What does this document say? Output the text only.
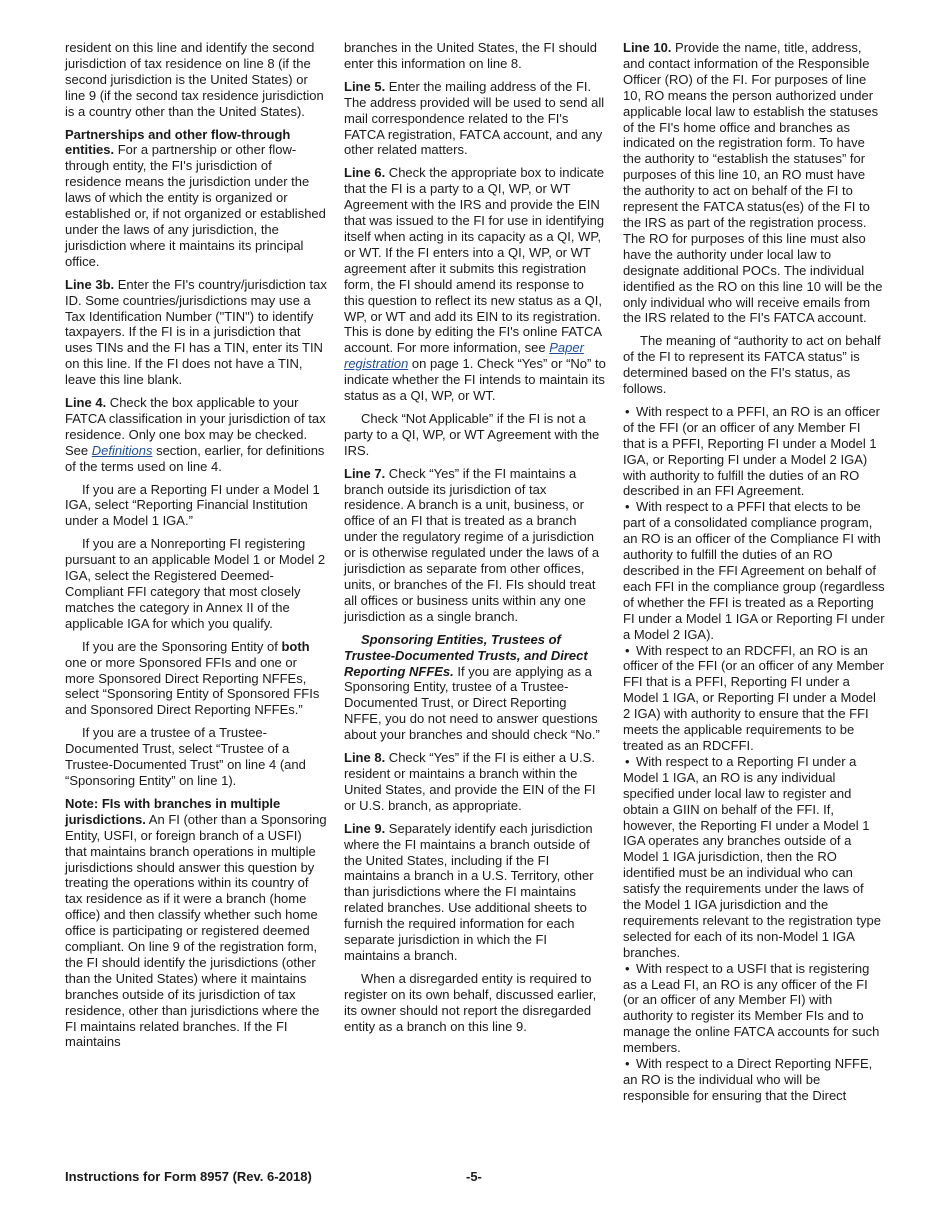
resident on this line and identify the second jurisdiction of tax residence on line 8 (if the second jurisdiction is the United States) or line 9 (if the second tax residence jurisdiction is a country other than the United States).

Partnerships and other flow-through entities. For a partnership or other flow-through entity, the FI's jurisdiction of residence means the jurisdiction under the laws of which the entity is organized or established or, if not organized or established under the laws of any jurisdiction, the jurisdiction where it maintains its principal office.

Line 3b. Enter the FI's country/jurisdiction tax ID. Some countries/jurisdictions may use a Tax Identification Number ("TIN") to identify taxpayers. If the FI is in a jurisdiction that uses TINs and the FI has a TIN, enter its TIN on this line. If the FI does not have a TIN, leave this line blank.

Line 4. Check the box applicable to your FATCA classification in your jurisdiction of tax residence. Only one box may be checked. See Definitions section, earlier, for definitions of the terms used on line 4.

If you are a Reporting FI under a Model 1 IGA, select “Reporting Financial Institution under a Model 1 IGA.”

If you are a Nonreporting FI registering pursuant to an applicable Model 1 or Model 2 IGA, select the Registered Deemed-Compliant FFI category that most closely matches the category in Annex II of the applicable IGA for which you qualify.

If you are the Sponsoring Entity of both one or more Sponsored FFIs and one or more Sponsored Direct Reporting NFFEs, select “Sponsoring Entity of Sponsored FFIs and Sponsored Direct Reporting NFFEs.”

If you are a trustee of a Trustee-Documented Trust, select “Trustee of a Trustee-Documented Trust” on line 4 (and “Sponsoring Entity” on line 1).

Note: FIs with branches in multiple jurisdictions. An FI (other than a Sponsoring Entity, USFI, or foreign branch of a USFI) that maintains branch operations in multiple jurisdictions should answer this question by treating the operations within its country of tax residence as if it were a branch (home office) and then classify whether such home office is participating or registered deemed compliant. On line 9 of the registration form, the FI should identify the jurisdictions (other than the United States) where it maintains branches outside of its jurisdiction of tax residence, other than jurisdictions where the FI maintains related branches. If the FI maintains

branches in the United States, the FI should enter this information on line 8.

Line 5. Enter the mailing address of the FI. The address provided will be used to send all mail correspondence related to the FI's FATCA registration, FATCA account, and any other related matters.

Line 6. Check the appropriate box to indicate that the FI is a party to a QI, WP, or WT Agreement with the IRS and provide the EIN that was issued to the FI for use in identifying itself when acting in its capacity as a QI, WP, or WT. If the FI enters into a QI, WP, or WT agreement after it submits this registration form, the FI should amend its response to this question to reflect its new status as a QI, WP, or WT and add its EIN to its registration. This is done by editing the FI's online FATCA account. For more information, see Paper registration on page 1. Check “Yes” or “No” to indicate whether the FI intends to maintain its status as a QI, WP, or WT.

Check “Not Applicable” if the FI is not a party to a QI, WP, or WT Agreement with the IRS.

Line 7. Check “Yes” if the FI maintains a branch outside its jurisdiction of tax residence. A branch is a unit, business, or office of an FI that is treated as a branch under the regulatory regime of a jurisdiction or is otherwise regulated under the laws of a jurisdiction as separate from other offices, units, or branches of the FI. FIs should treat all offices or business units within any one jurisdiction as a single branch.

Sponsoring Entities, Trustees of Trustee-Documented Trusts, and Direct Reporting NFFEs. If you are applying as a Sponsoring Entity, trustee of a Trustee-Documented Trust, or Direct Reporting NFFE, you do not need to answer questions about your branches and should check “No.”

Line 8. Check “Yes” if the FI is either a U.S. resident or maintains a branch within the United States, and provide the EIN of the FI or U.S. branch, as appropriate.

Line 9. Separately identify each jurisdiction where the FI maintains a branch outside of the United States, including if the FI maintains a branch in a U.S. Territory, other than jurisdictions where the FI maintains related branches. Use additional sheets to furnish the required information for each separate jurisdiction in which the FI maintains a branch.

When a disregarded entity is required to register on its own behalf, discussed earlier, its owner should not report the disregarded entity as a branch on this line 9.

Line 10. Provide the name, title, address, and contact information of the Responsible Officer (RO) of the FI. For purposes of line 10, RO means the person authorized under applicable local law to establish the statuses of the FI's home office and branches as indicated on the registration form. To have the authority to “establish the statuses” for purposes of this line 10, an RO must have the authority to act on behalf of the FI to represent the FATCA status(es) of the FI to the IRS as part of the registration process. The RO for purposes of this line must also have the authority under local law to designate additional POCs. The individual identified as the RO on this line 10 will be the only individual who will receive emails from the IRS related to the FI's FATCA account.

The meaning of “authority to act on behalf of the FI to represent its FATCA status” is determined based on the FI's status, as follows.

• With respect to a PFFI, an RO is an officer of the FFI (or an officer of any Member FI that is a PFFI, Reporting FI under a Model 1 IGA, or Reporting FI under a Model 2 IGA) with authority to fulfill the duties of an RO described in an FFI Agreement.

• With respect to a PFFI that elects to be part of a consolidated compliance program, an RO is an officer of the Compliance FI with authority to fulfill the duties of an RO described in the FFI Agreement on behalf of each FFI in the compliance group (regardless of whether the FFI is treated as a Reporting FI under a Model 1 IGA or Reporting FI under a Model 2 IGA).

• With respect to an RDCFFI, an RO is an officer of the FFI (or an officer of any Member FFI that is a PFFI, Reporting FI under a Model 1 IGA, or Reporting FI under a Model 2 IGA) with authority to ensure that the FFI meets the applicable requirements to be treated as an RDCFFI.

• With respect to a Reporting FI under a Model 1 IGA, an RO is any individual specified under local law to register and obtain a GIIN on behalf of the FFI. If, however, the Reporting FI under a Model 1 IGA operates any branches outside of a Model 1 IGA jurisdiction, then the RO identified must be an individual who can satisfy the requirements under the laws of the Model 1 IGA jurisdiction and the requirements relevant to the registration type selected for each of its non-Model 1 IGA branches.

• With respect to a USFI that is registering as a Lead FI, an RO is any officer of the FI (or an officer of any Member FI) with authority to register its Member FIs and to manage the online FATCA accounts for such members.

• With respect to a Direct Reporting NFFE, an RO is the individual who will be responsible for ensuring that the Direct

Instructions for Form 8957 (Rev. 6-2018)	-5-
